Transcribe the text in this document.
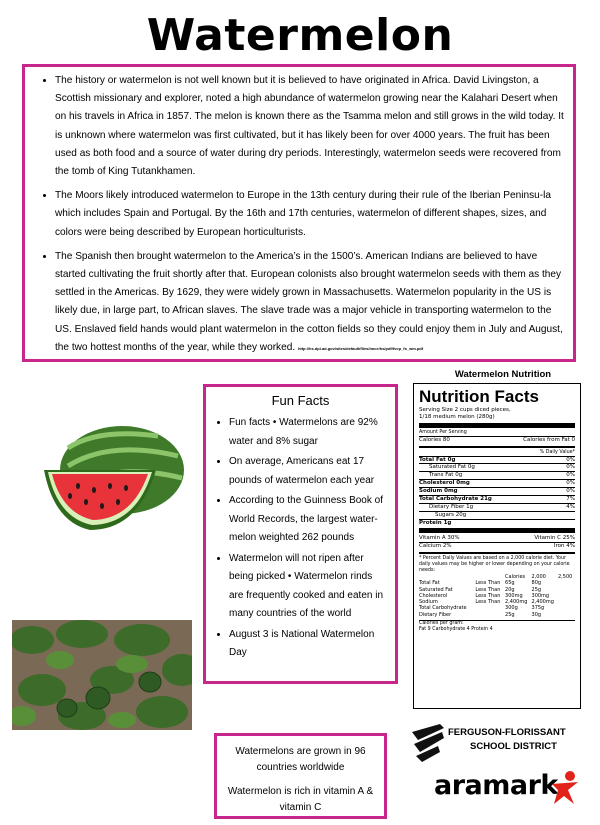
Watermelon
• The history or watermelon is not well known but it is believed to have originated in Africa. David Livingston, a Scottish missionary and explorer, noted a high abundance of watermelon growing near the Kalahari Desert when on his travels in Africa in 1857. The melon is known there as the Tsamma melon and still grows in the wild today. It is unknown where watermelon was first cultivated, but it has likely been for over 4000 years. The fruit has been used as both food and a source of water during dry periods. Interestingly, watermelon seeds were recovered from the tomb of King Tutankhamen.
• The Moors likely introduced watermelon to Europe in the 13th century during their rule of the Iberian Peninsu-la which includes Spain and Portugal. By the 16th and 17th centuries, watermelon of different shapes, sizes, and colors were being described by European horticulturists.
• The Spanish then brought watermelon to the America’s in the 1500’s. American Indians are believed to have started cultivating the fruit shortly after that. European colonists also brought watermelon seeds with them as they settled in the Americas. By 1629, they were widely grown in Massachusetts. Watermelon popularity in the US is likely due, in large part, to African slaves. The slave trade was a major vehicle in transporting watermelon to the US. Enslaved field hands would plant watermelon in the cotton fields so they could enjoy them in July and August, the two hottest months of the year, while they worked. http://hs.dpi.ad.gov/sites/default/files/imce/hs/pdf/fvcp_fs_wm.pdf
Fun Facts
• Fun facts • Watermelons are 92% water and 8% sugar
• On average, Americans eat 17 pounds of watermelon each year
• According to the Guinness Book of World Records, the largest water-melon weighted 262 pounds
• Watermelon will not ripen after being picked • Watermelon rinds are frequently cooked and eaten in many countries of the world
• August 3 is National Watermelon Day

Watermelons are grown in 96 countries worldwide

Watermelon is rich in vitamin A & vitamin C

Watermelon Nutrition
Nutrition Facts
Serving Size 2 cups diced pieces,
1/18 medium melon (280g)
Amount Per Serving
Calories 80	Calories from Fat 0
% Daily Value*
Total Fat 0g	0%
Saturated Fat 0g	0%
Trans Fat 0g	0%
Cholesterol 0mg	0%
Sodium 0mg	0%
Total Carbohydrate 21g	7%
Dietary Fiber 1g	4%
Sugars 20g
Protein 1g
Vitamin A 30%	Vitamin C 25%
Calcium 2%	Iron 4%
* Percent Daily Values are based on a 2,000 calorie diet. Your daily values may be higher or lower depending on your calorie needs:
		Calories	2,000	2,500
Total Fat	Less Than	65g	80g	
Saturated Fat	Less Than	20g	25g	
Cholesterol	Less Than	300mg	300mg	
Sodium	Less Than	2,400mg	2,400mg	
Total Carbohydrate		300g	375g	
Dietary Fiber		25g	30g	
Calories per gram:
Fat 9 Carbohydrate 4 Protein 4
FERGUSON-FLORISSANT
SCHOOL DISTRICT
aramark
